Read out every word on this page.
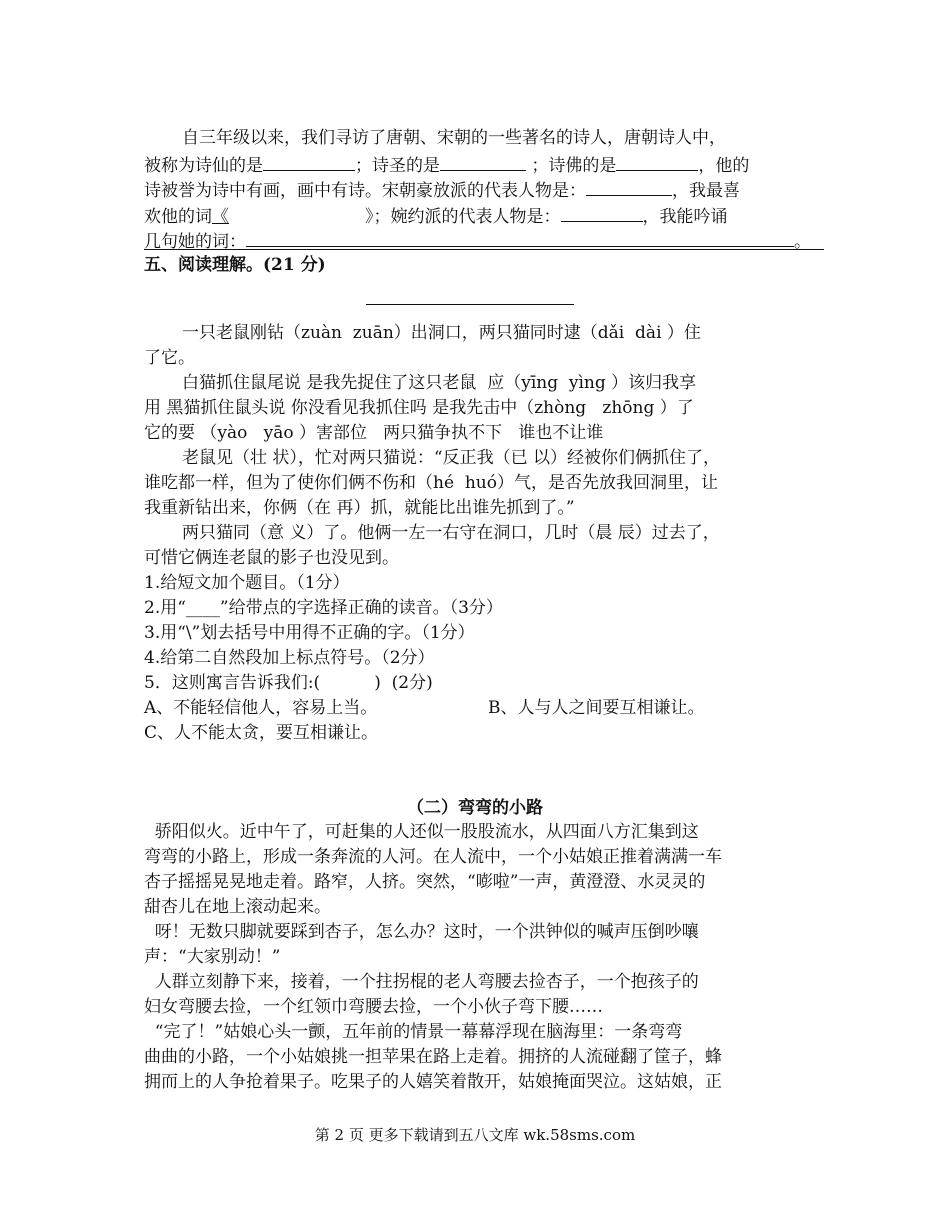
自三年级以来，我们寻访了唐朝、宋朝的一些著名的诗人，唐朝诗人中，
被称为诗仙的是	；诗圣的是	；诗佛的是	，他的
诗被誉为诗中有画，画中有诗。宋朝豪放派的代表人物是：	，我最喜
欢他的词《	》；婉约派的代表人物是：	，我能吟诵
几句她的词：	。
五、阅读理解。(21 分)
一只老鼠刚钻（zuàn  zuān）出洞口，两只猫同时逮（dǎi  dài ）住
了它。
白猫抓住鼠尾说 是我先捉住了这只老鼠  应（yīng  yìng ）该归我享
用 黑猫抓住鼠头说 你没看见我抓住吗 是我先击中（zhòng   zhōng ）了
它的要 （yào   yāo ）害部位   两只猫争执不下   谁也不让谁
老鼠见（壮 状），忙对两只猫说：“反正我（已 以）经被你们俩抓住了，
谁吃都一样，但为了使你们俩不伤和（hé  huó）气，是否先放我回洞里，让
我重新钻出来，你俩（在 再）抓，就能比出谁先抓到了。”
两只猫同（意 义）了。他俩一左一右守在洞口，几时（晨 辰）过去了，
可惜它俩连老鼠的影子也没见到。
1.给短文加个题目。（1分）
2.用“____”给带点的字选择正确的读音。（3分）
3.用“\”划去括号中用得不正确的字。（1分）
4.给第二自然段加上标点符号。（2分）
5．这则寓言告诉我们:(          )  (2分)
A、不能轻信他人，容易上当。	B、人与人之间要互相谦让。
C、人不能太贪，要互相谦让。
（二）弯弯的小路
骄阳似火。近中午了，可赶集的人还似一股股流水，从四面八方汇集到这
弯弯的小路上，形成一条奔流的人河。在人流中，一个小姑娘正推着满满一车
杏子摇摇晃晃地走着。路窄，人挤。突然，“嘭啦”一声，黄澄澄、水灵灵的
甜杏儿在地上滚动起来。
呀！无数只脚就要踩到杏子，怎么办？这时，一个洪钟似的喊声压倒吵嚷
声：“大家别动！”
人群立刻静下来，接着，一个拄拐棍的老人弯腰去捡杏子，一个抱孩子的
妇女弯腰去捡，一个红领巾弯腰去捡，一个小伙子弯下腰……
“完了！”姑娘心头一颤，五年前的情景一幕幕浮现在脑海里：一条弯弯
曲曲的小路，一个小姑娘挑一担苹果在路上走着。拥挤的人流碰翻了筐子，蜂
拥而上的人争抢着果子。吃果子的人嬉笑着散开，姑娘掩面哭泣。这姑娘，正
第 2 页 更多下载请到五八文库 wk.58sms.com
